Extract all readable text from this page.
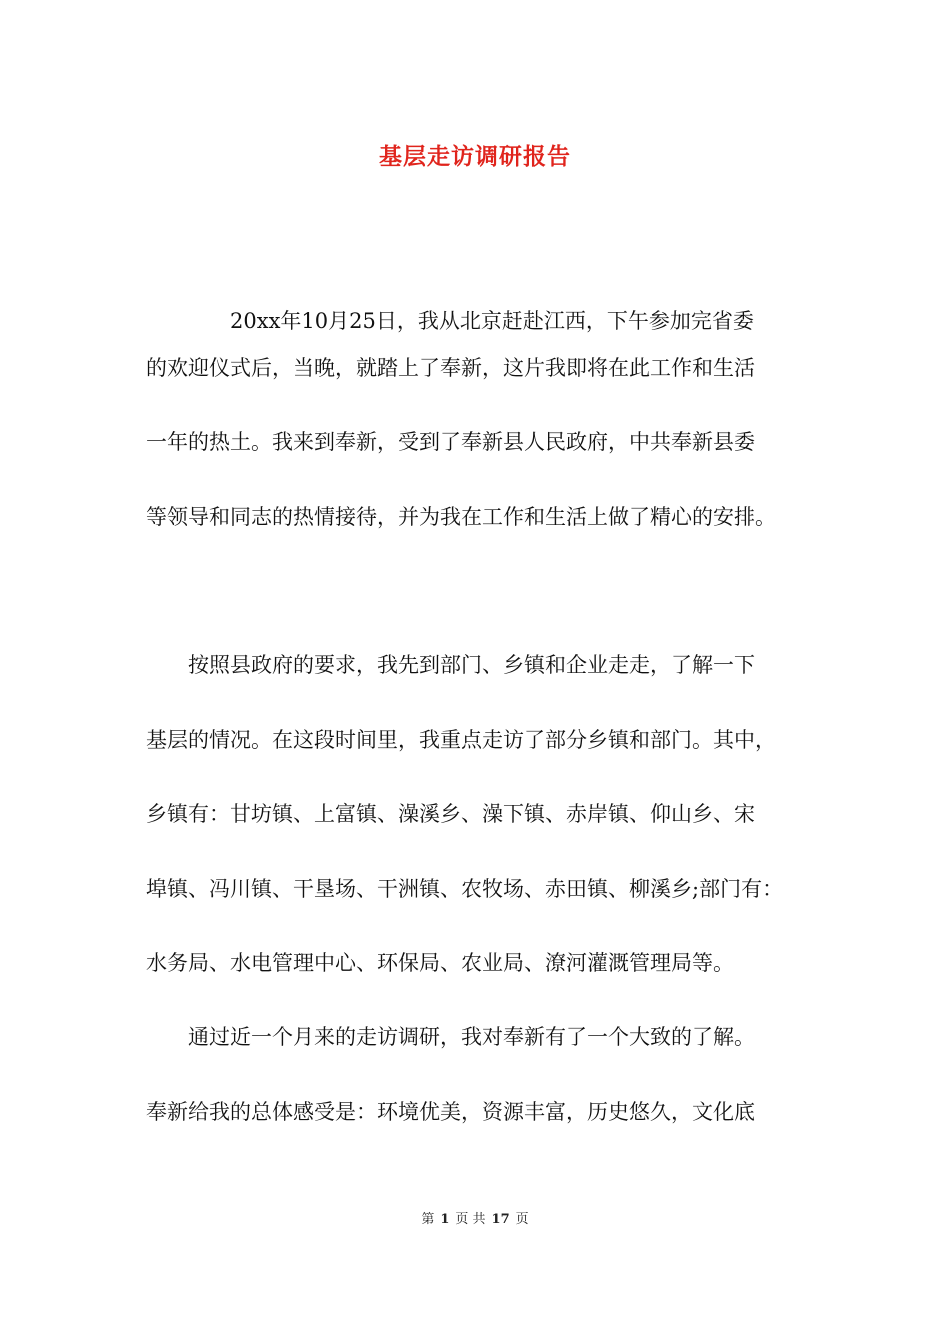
基层走访调研报告

　　　　20xx年10月25日，我从北京赶赴江西，下午参加完省委

的欢迎仪式后，当晚，就踏上了奉新，这片我即将在此工作和生活

一年的热土。我来到奉新，受到了奉新县人民政府，中共奉新县委

等领导和同志的热情接待，并为我在工作和生活上做了精心的安排。

　　按照县政府的要求，我先到部门、乡镇和企业走走，了解一下

基层的情况。在这段时间里，我重点走访了部分乡镇和部门。其中，

乡镇有：甘坊镇、上富镇、澡溪乡、澡下镇、赤岸镇、仰山乡、宋

埠镇、冯川镇、干垦场、干洲镇、农牧场、赤田镇、柳溪乡;部门有：

水务局、水电管理中心、环保局、农业局、潦河灌溉管理局等。

　　通过近一个月来的走访调研，我对奉新有了一个大致的了解。

奉新给我的总体感受是：环境优美，资源丰富，历史悠久，文化底

第 1 页 共 17 页
